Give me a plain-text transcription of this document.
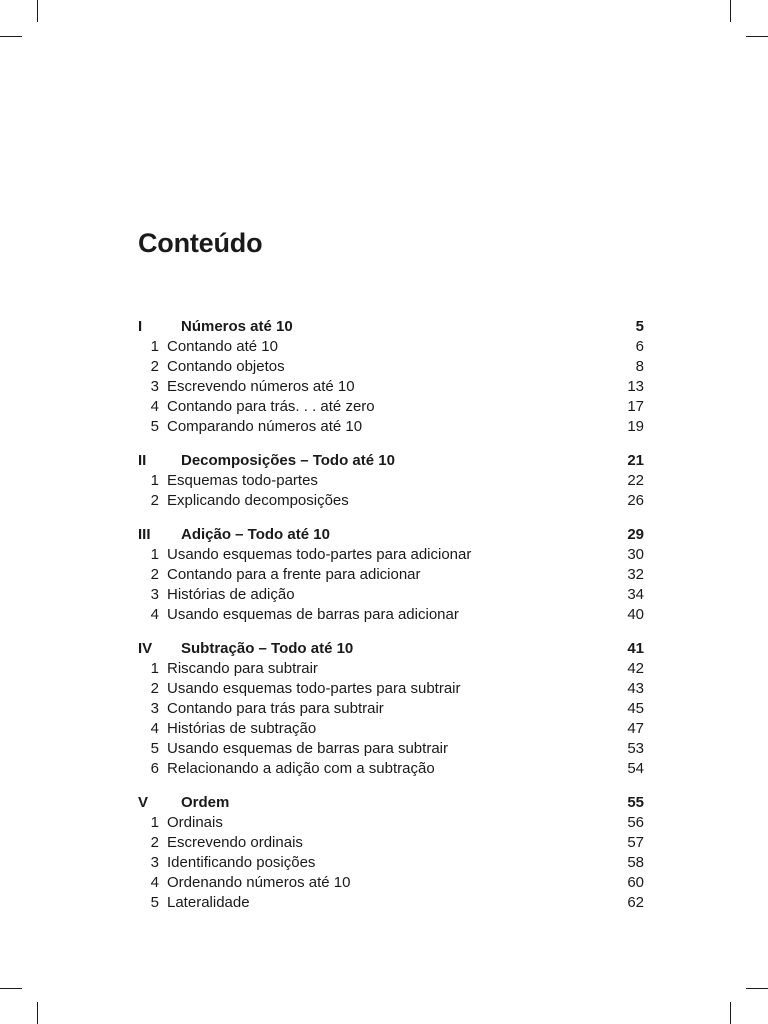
Conteúdo
I	Números até 10	5
1 Contando até 10	6
2 Contando objetos	8
3 Escrevendo números até 10	13
4 Contando para trás. . . até zero	17
5 Comparando números até 10	19
II	Decomposições – Todo até 10	21
1 Esquemas todo-partes	22
2 Explicando decomposições	26
III	Adição – Todo até 10	29
1 Usando esquemas todo-partes para adicionar	30
2 Contando para a frente para adicionar	32
3 Histórias de adição	34
4 Usando esquemas de barras para adicionar	40
IV	Subtração – Todo até 10	41
1 Riscando para subtrair	42
2 Usando esquemas todo-partes para subtrair	43
3 Contando para trás para subtrair	45
4 Histórias de subtração	47
5 Usando esquemas de barras para subtrair	53
6 Relacionando a adição com a subtração	54
V	Ordem	55
1 Ordinais	56
2 Escrevendo ordinais	57
3 Identificando posições	58
4 Ordenando números até 10	60
5 Lateralidade	62
